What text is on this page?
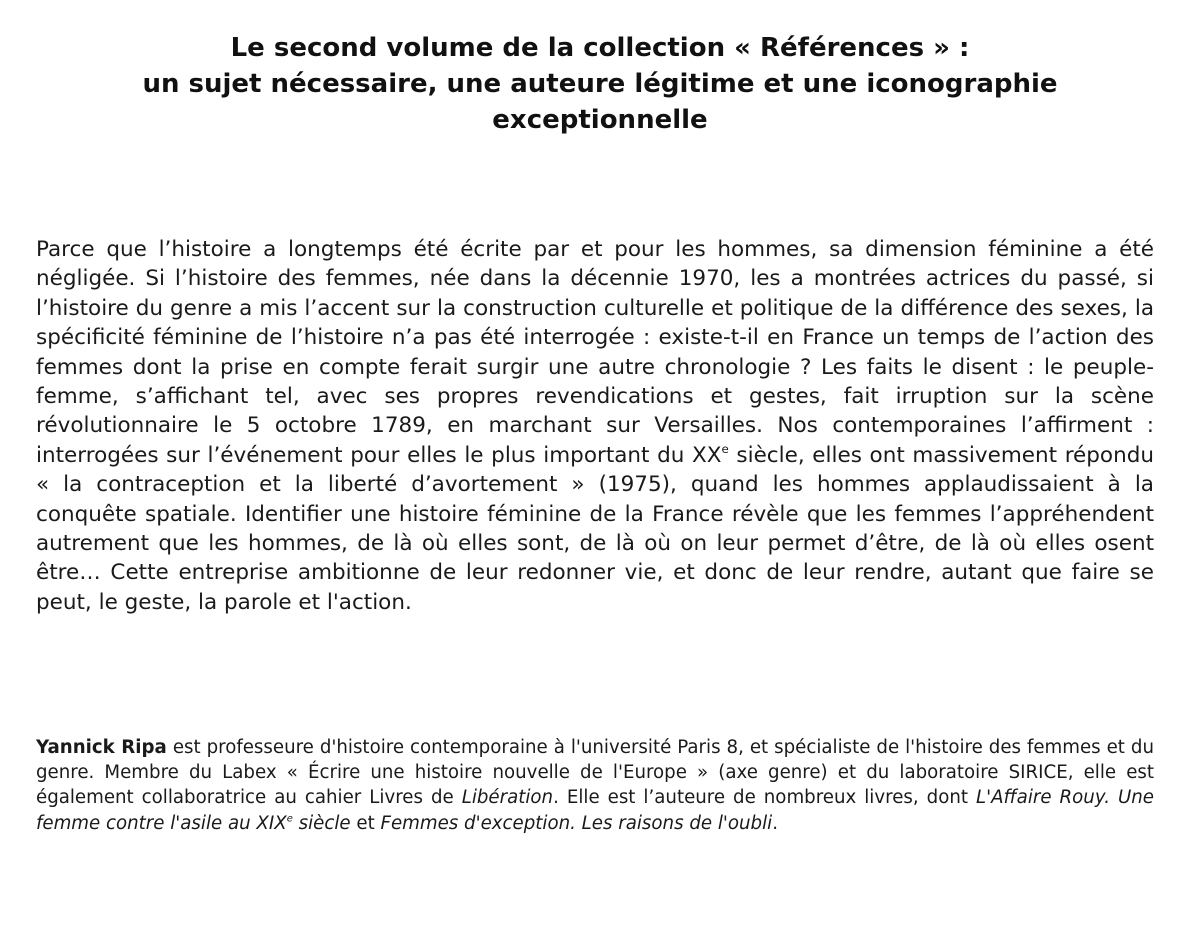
Le second volume de la collection « Références » :
un sujet nécessaire, une auteure légitime et une iconographie
exceptionnelle

Parce que l’histoire a longtemps été écrite par et pour les hommes, sa dimension féminine a été négligée. Si l’histoire des femmes, née dans la décennie 1970, les a montrées actrices du passé, si l’histoire du genre a mis l’accent sur la construction culturelle et politique de la différence des sexes, la spécificité féminine de l’histoire n’a pas été interrogée : existe-t-il en France un temps de l’action des femmes dont la prise en compte ferait surgir une autre chronologie ? Les faits le disent : le peuple-femme, s’affichant tel, avec ses propres revendications et gestes, fait irruption sur la scène révolutionnaire le 5 octobre 1789, en marchant sur Versailles. Nos contemporaines l’affirment : interrogées sur l’événement pour elles le plus important du XXe siècle, elles ont massivement répondu « la contraception et la liberté d’avortement » (1975), quand les hommes applaudissaient à la conquête spatiale. Identifier une histoire féminine de la France révèle que les femmes l’appréhendent autrement que les hommes, de là où elles sont, de là où on leur permet d’être, de là où elles osent être… Cette entreprise ambitionne de leur redonner vie, et donc de leur rendre, autant que faire se peut, le geste, la parole et l'action.

Yannick Ripa est professeure d'histoire contemporaine à l'université Paris 8, et spécialiste de l'histoire des femmes et du genre. Membre du Labex « Écrire une histoire nouvelle de l'Europe » (axe genre) et du laboratoire SIRICE, elle est également collaboratrice au cahier Livres de Libération. Elle est l’auteure de nombreux livres, dont L'Affaire Rouy. Une femme contre l'asile au XIXe siècle et Femmes d'exception. Les raisons de l'oubli.
